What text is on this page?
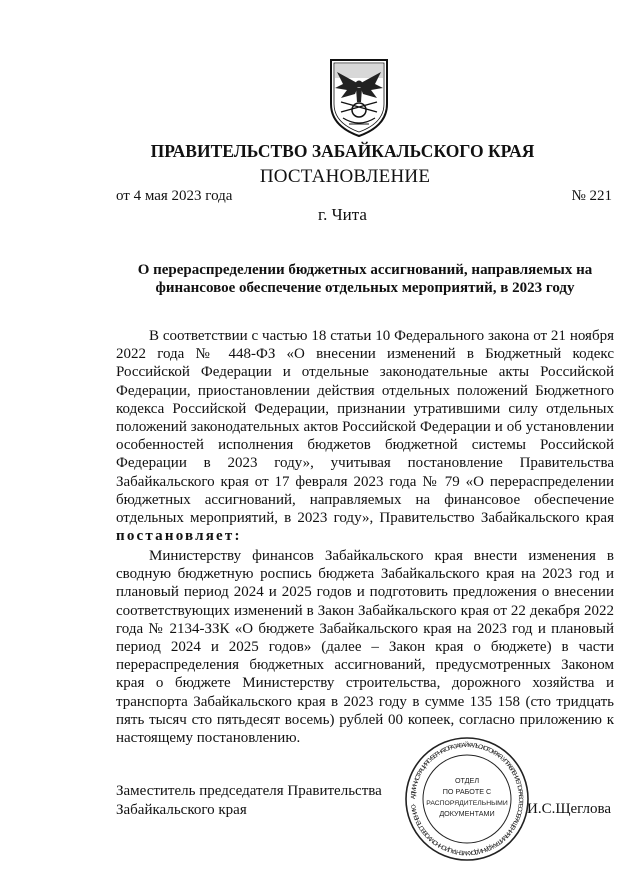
ПРАВИТЕЛЬСТВО ЗАБАЙКАЛЬСКОГО КРАЯ
ПОСТАНОВЛЕНИЕ
от 4 мая 2023 года	№ 221
г. Чита
О перераспределении бюджетных ассигнований, направляемых на
финансовое обеспечение отдельных мероприятий, в 2023 году

В соответствии с частью 18 статьи 10 Федерального закона от 21 ноября 2022 года № 448-ФЗ «О внесении изменений в Бюджетный кодекс Российской Федерации и отдельные законодательные акты Российской Федерации, приостановлении действия отдельных положений Бюджетного кодекса Российской Федерации, признании утратившими силу отдельных положений законодательных актов Российской Федерации и об установлении особенностей исполнения бюджетов бюджетной системы Российской Федерации в 2023 году», учитывая постановление Правительства Забайкальского края от 17 февраля 2023 года № 79 «О перераспределении бюджетных ассигнований, направляемых на финансовое обеспечение отдельных мероприятий, в 2023 году», Правительство Забайкальского края постановляет:

Министерству финансов Забайкальского края внести изменения в сводную бюджетную роспись бюджета Забайкальского края на 2023 год и плановый период 2024 и 2025 годов и подготовить предложения о внесении соответствующих изменений в Закон Забайкальского края от 22 декабря 2022 года № 2134-ЗЗК «О бюджете Забайкальского края на 2023 год и плановый период 2024 и 2025 годов» (далее – Закон края о бюджете) в части перераспределения бюджетных ассигнований, предусмотренных Законом края о бюджете Министерству строительства, дорожного хозяйства и транспорта Забайкальского края в 2023 году в сумме 135 158 (сто тридцать пять тысяч сто пятьдесят восемь) рублей 00 копеек, согласно приложению к настоящему постановлению.

Заместитель председателя Правительства
Забайкальского края
АДМИНИСТРАЦИЯ ГУБЕРНАТОРА ЗАБАЙКАЛЬСКОГО КРАЯ · УПРАВЛЕНИЕ ПО РАБОТЕ С ОБРАЩЕНИЯМИ ГРАЖДАН И ДОКУМЕНТАЦИОННОМУ ОБЕСПЕЧЕНИЮ ·
ОТДЕЛ
ПО РАБОТЕ С
РАСПОРЯДИТЕЛЬНЫМИ
ДОКУМЕНТАМИ И.С.Щеглова
